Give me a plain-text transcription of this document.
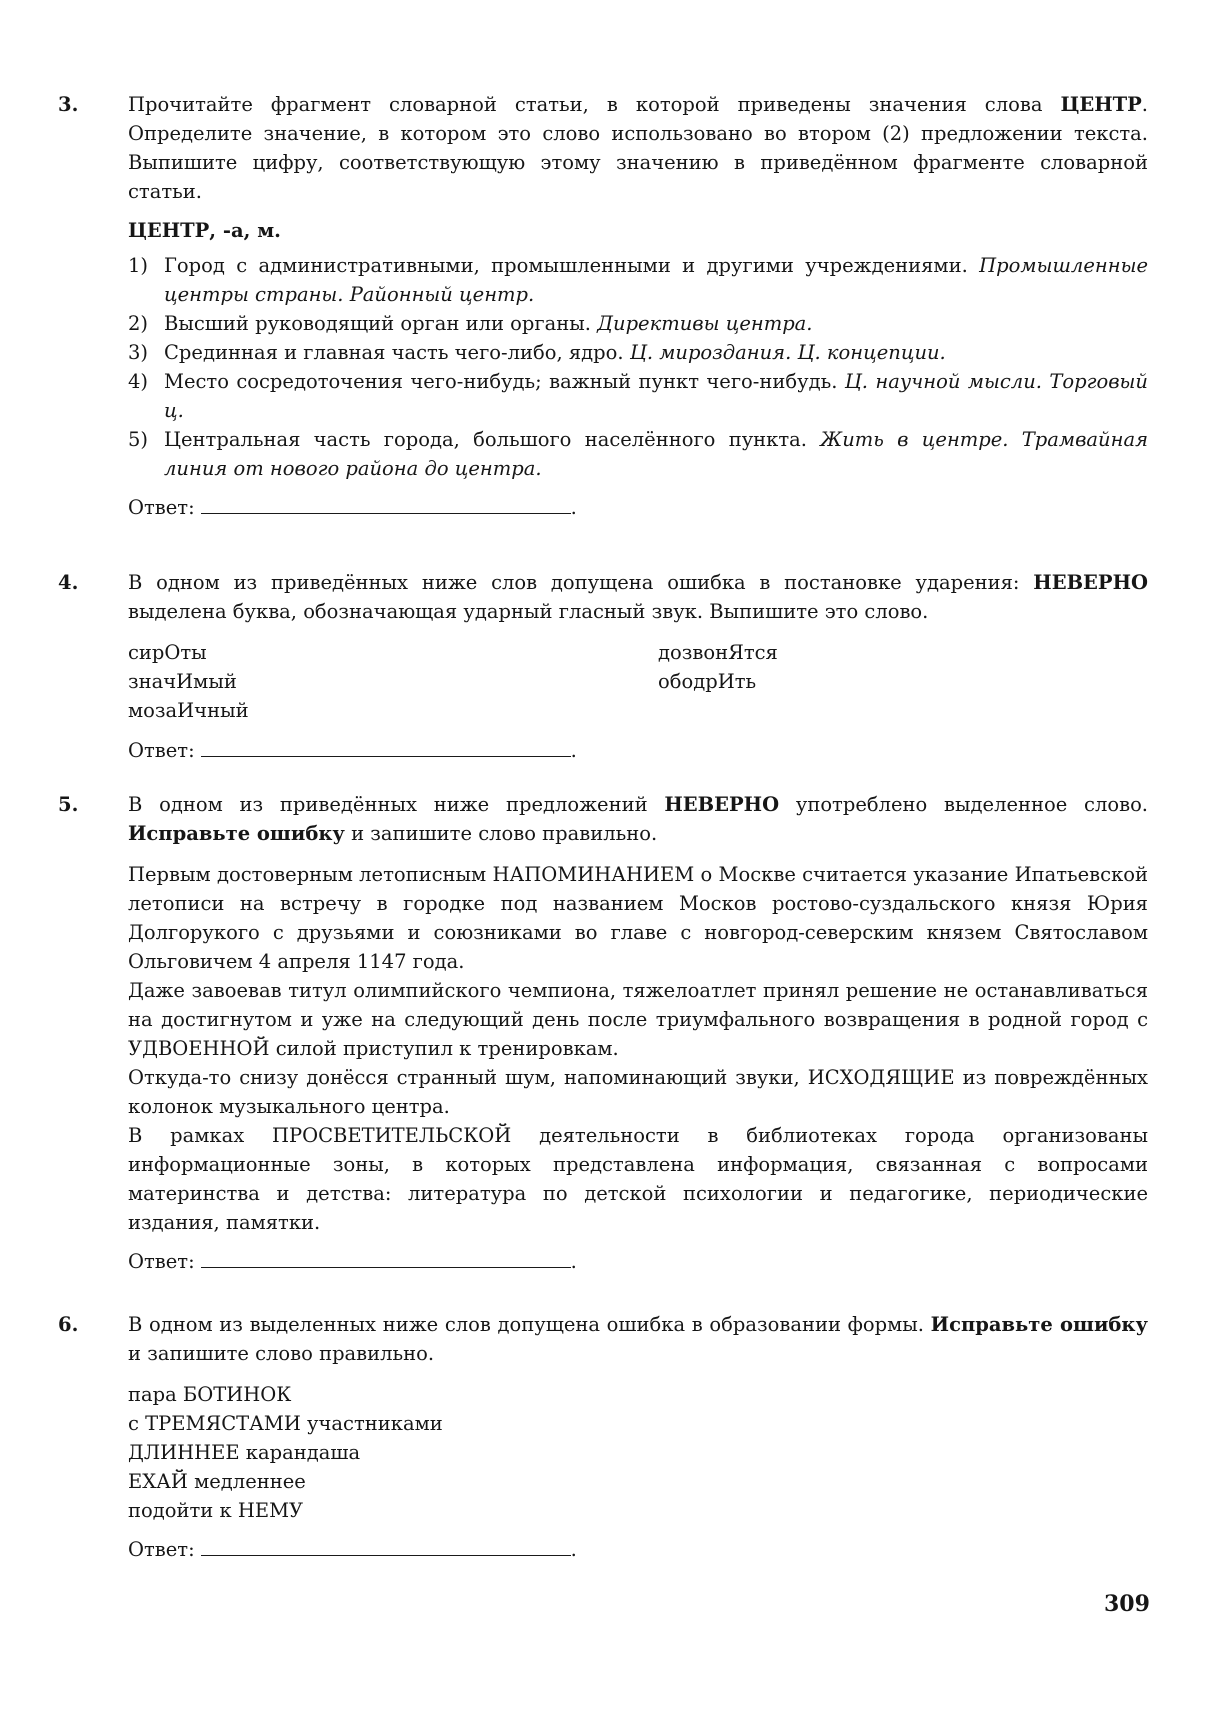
3.	Прочитайте фрагмент словарной статьи, в которой приведены значения слова ЦЕНТР. Определите значение, в котором это слово использовано во втором (2) предложении текста. Выпишите цифру, соответствующую этому значению в приведённом фрагменте словарной статьи.

ЦЕНТР, -а, м.
1) Город с административными, промышленными и другими учреждениями. Промышленные центры страны. Районный центр.
2) Высший руководящий орган или органы. Директивы центра.
3) Срединная и главная часть чего-либо, ядро. Ц. мироздания. Ц. концепции.
4) Место сосредоточения чего-нибудь; важный пункт чего-нибудь. Ц. научной мысли. Торговый ц.
5) Центральная часть города, большого населённого пункта. Жить в центре. Трамвайная линия от нового района до центра.
Ответ:	.
4.	В одном из приведённых ниже слов допущена ошибка в постановке ударения: НЕВЕРНО выделена буква, обозначающая ударный гласный звук. Выпишите это слово.

сирОты
значИмый
мозаИчный
дозвонЯтся
ободрИть
Ответ:	.
5.	В одном из приведённых ниже предложений НЕВЕРНО употреблено выделенное слово. Исправьте ошибку и запишите слово правильно.

Первым достоверным летописным НАПОМИНАНИЕМ о Москве считается указание Ипатьевской летописи на встречу в городке под названием Москов ростово-суздальского князя Юрия Долгорукого с друзьями и союзниками во главе с новгород-северским князем Святославом Ольговичем 4 апреля 1147 года.

Даже завоевав титул олимпийского чемпиона, тяжелоатлет принял решение не останавливаться на достигнутом и уже на следующий день после триумфального возвращения в родной город с УДВОЕННОЙ силой приступил к тренировкам.

Откуда-то снизу донёсся странный шум, напоминающий звуки, ИСХОДЯЩИЕ из повреждённых колонок музыкального центра.

В рамках ПРОСВЕТИТЕЛЬСКОЙ деятельности в библиотеках города организованы информационные зоны, в которых представлена информация, связанная с вопросами материнства и детства: литература по детской психологии и педагогике, периодические издания, памятки.

Ответ:	.
6.	В одном из выделенных ниже слов допущена ошибка в образовании формы. Исправьте ошибку и запишите слово правильно.

пара БОТИНОК
с ТРЕМЯСТАМИ участниками
ДЛИННЕЕ карандаша
ЕХАЙ медленнее
подойти к НЕМУ
Ответ:	.
309
